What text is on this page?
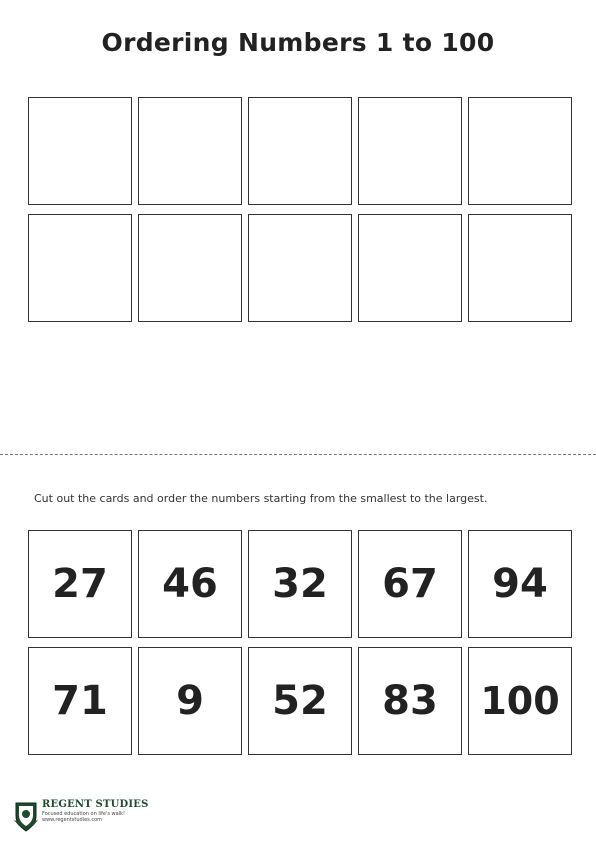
Ordering Numbers 1 to 100
Cut out the cards and order the numbers starting from the smallest to the largest.
27 46 32 67 94
71 9 52 83 100
REGENT STUDIES
Focused education on life's walk!
www.regentstudies.com
